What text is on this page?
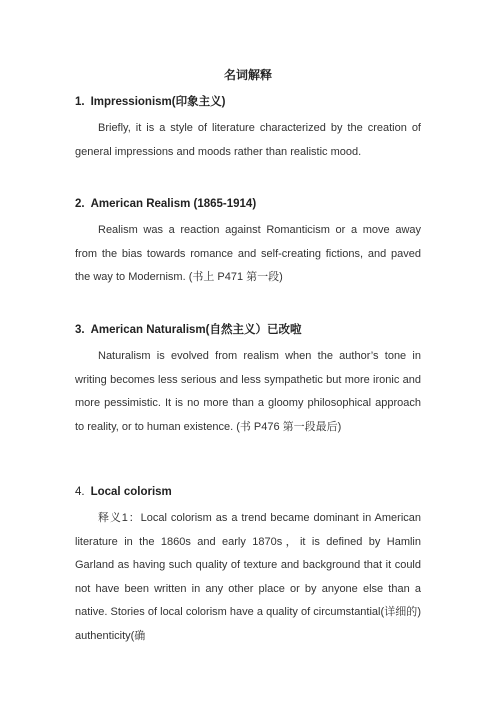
名词解释

1. Impressionism(印象主义)

Briefly, it is a style of literature characterized by the creation of general impressions and moods rather than realistic mood.

2. American Realism (1865-1914)

Realism was a reaction against Romanticism or a move away from the bias towards romance and self-creating fictions, and paved the way to Modernism. (书上 P471 第一段)

3. American Naturalism(自然主义）已改啦

Naturalism is evolved from realism when the author’s tone in writing becomes less serious and less sympathetic but more ironic and more pessimistic. It is no more than a gloomy philosophical approach to reality, or to human existence. (书 P476 第一段最后)

4. Local colorism

释义1：Local colorism as a trend became dominant in American literature in the 1860s and early 1870s，it is defined by Hamlin Garland as having such quality of texture and background that it could not have been written in any other place or by anyone else than a native. Stories of local colorism have a quality of circumstantial(详细的) authenticity(确
